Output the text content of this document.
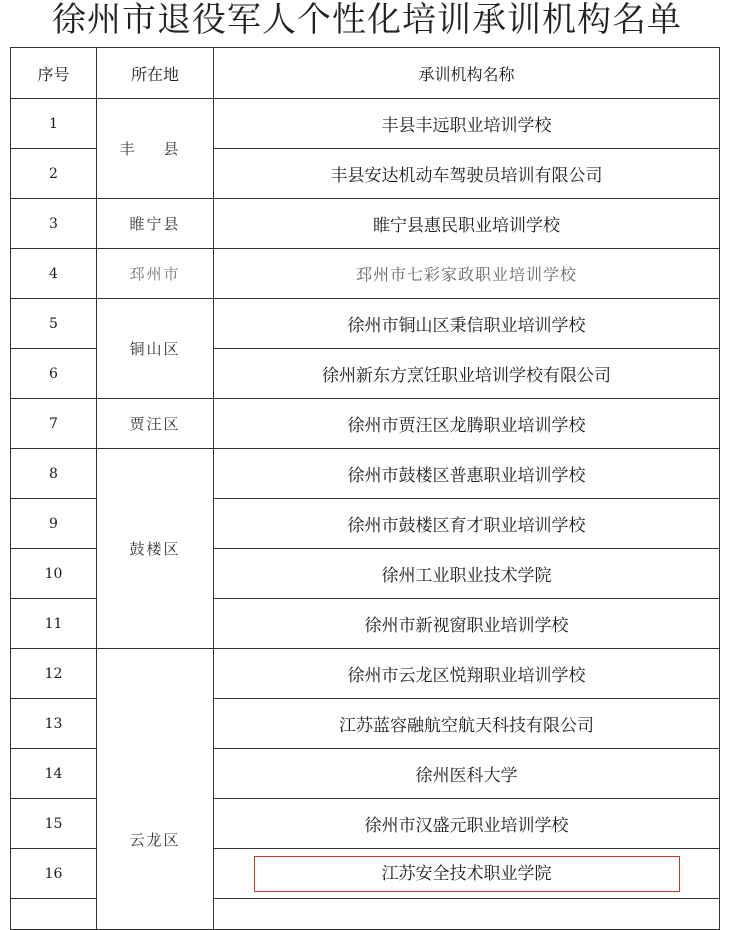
徐州市退役军人个性化培训承训机构名单
序号	所在地	承训机构名称
1	丰 县	丰县丰远职业培训学校
2		丰县安达机动车驾驶员培训有限公司
3	睢宁县	睢宁县惠民职业培训学校
4	邳州市	邳州市七彩家政职业培训学校
5	铜山区	徐州市铜山区秉信职业培训学校
6		徐州新东方烹饪职业培训学校有限公司
7	贾汪区	徐州市贾汪区龙腾职业培训学校
8	鼓楼区	徐州市鼓楼区普惠职业培训学校
9		徐州市鼓楼区育才职业培训学校
10		徐州工业职业技术学院
11		徐州市新视窗职业培训学校
12	云龙区	徐州市云龙区悦翔职业培训学校
13		江苏蓝容融航空航天科技有限公司
14		徐州医科大学
15		徐州市汉盛元职业培训学校
16		江苏安全技术职业学院
